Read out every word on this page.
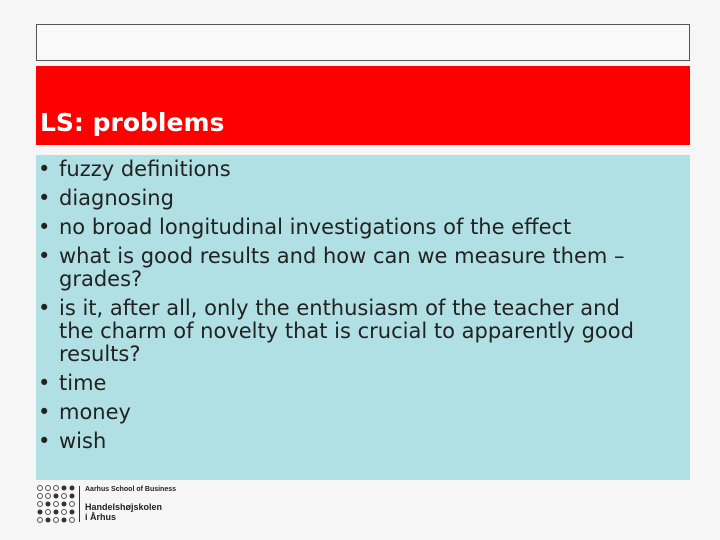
LS: problems
• fuzzy definitions
• diagnosing
• no broad longitudinal investigations of the effect
• what is good results and how can we measure them – grades?
• is it, after all, only the enthusiasm of the teacher and the charm of novelty that is crucial to apparently good results?
• time
• money
• wish
Aarhus School of Business
Handelshøjskolen
i Århus
